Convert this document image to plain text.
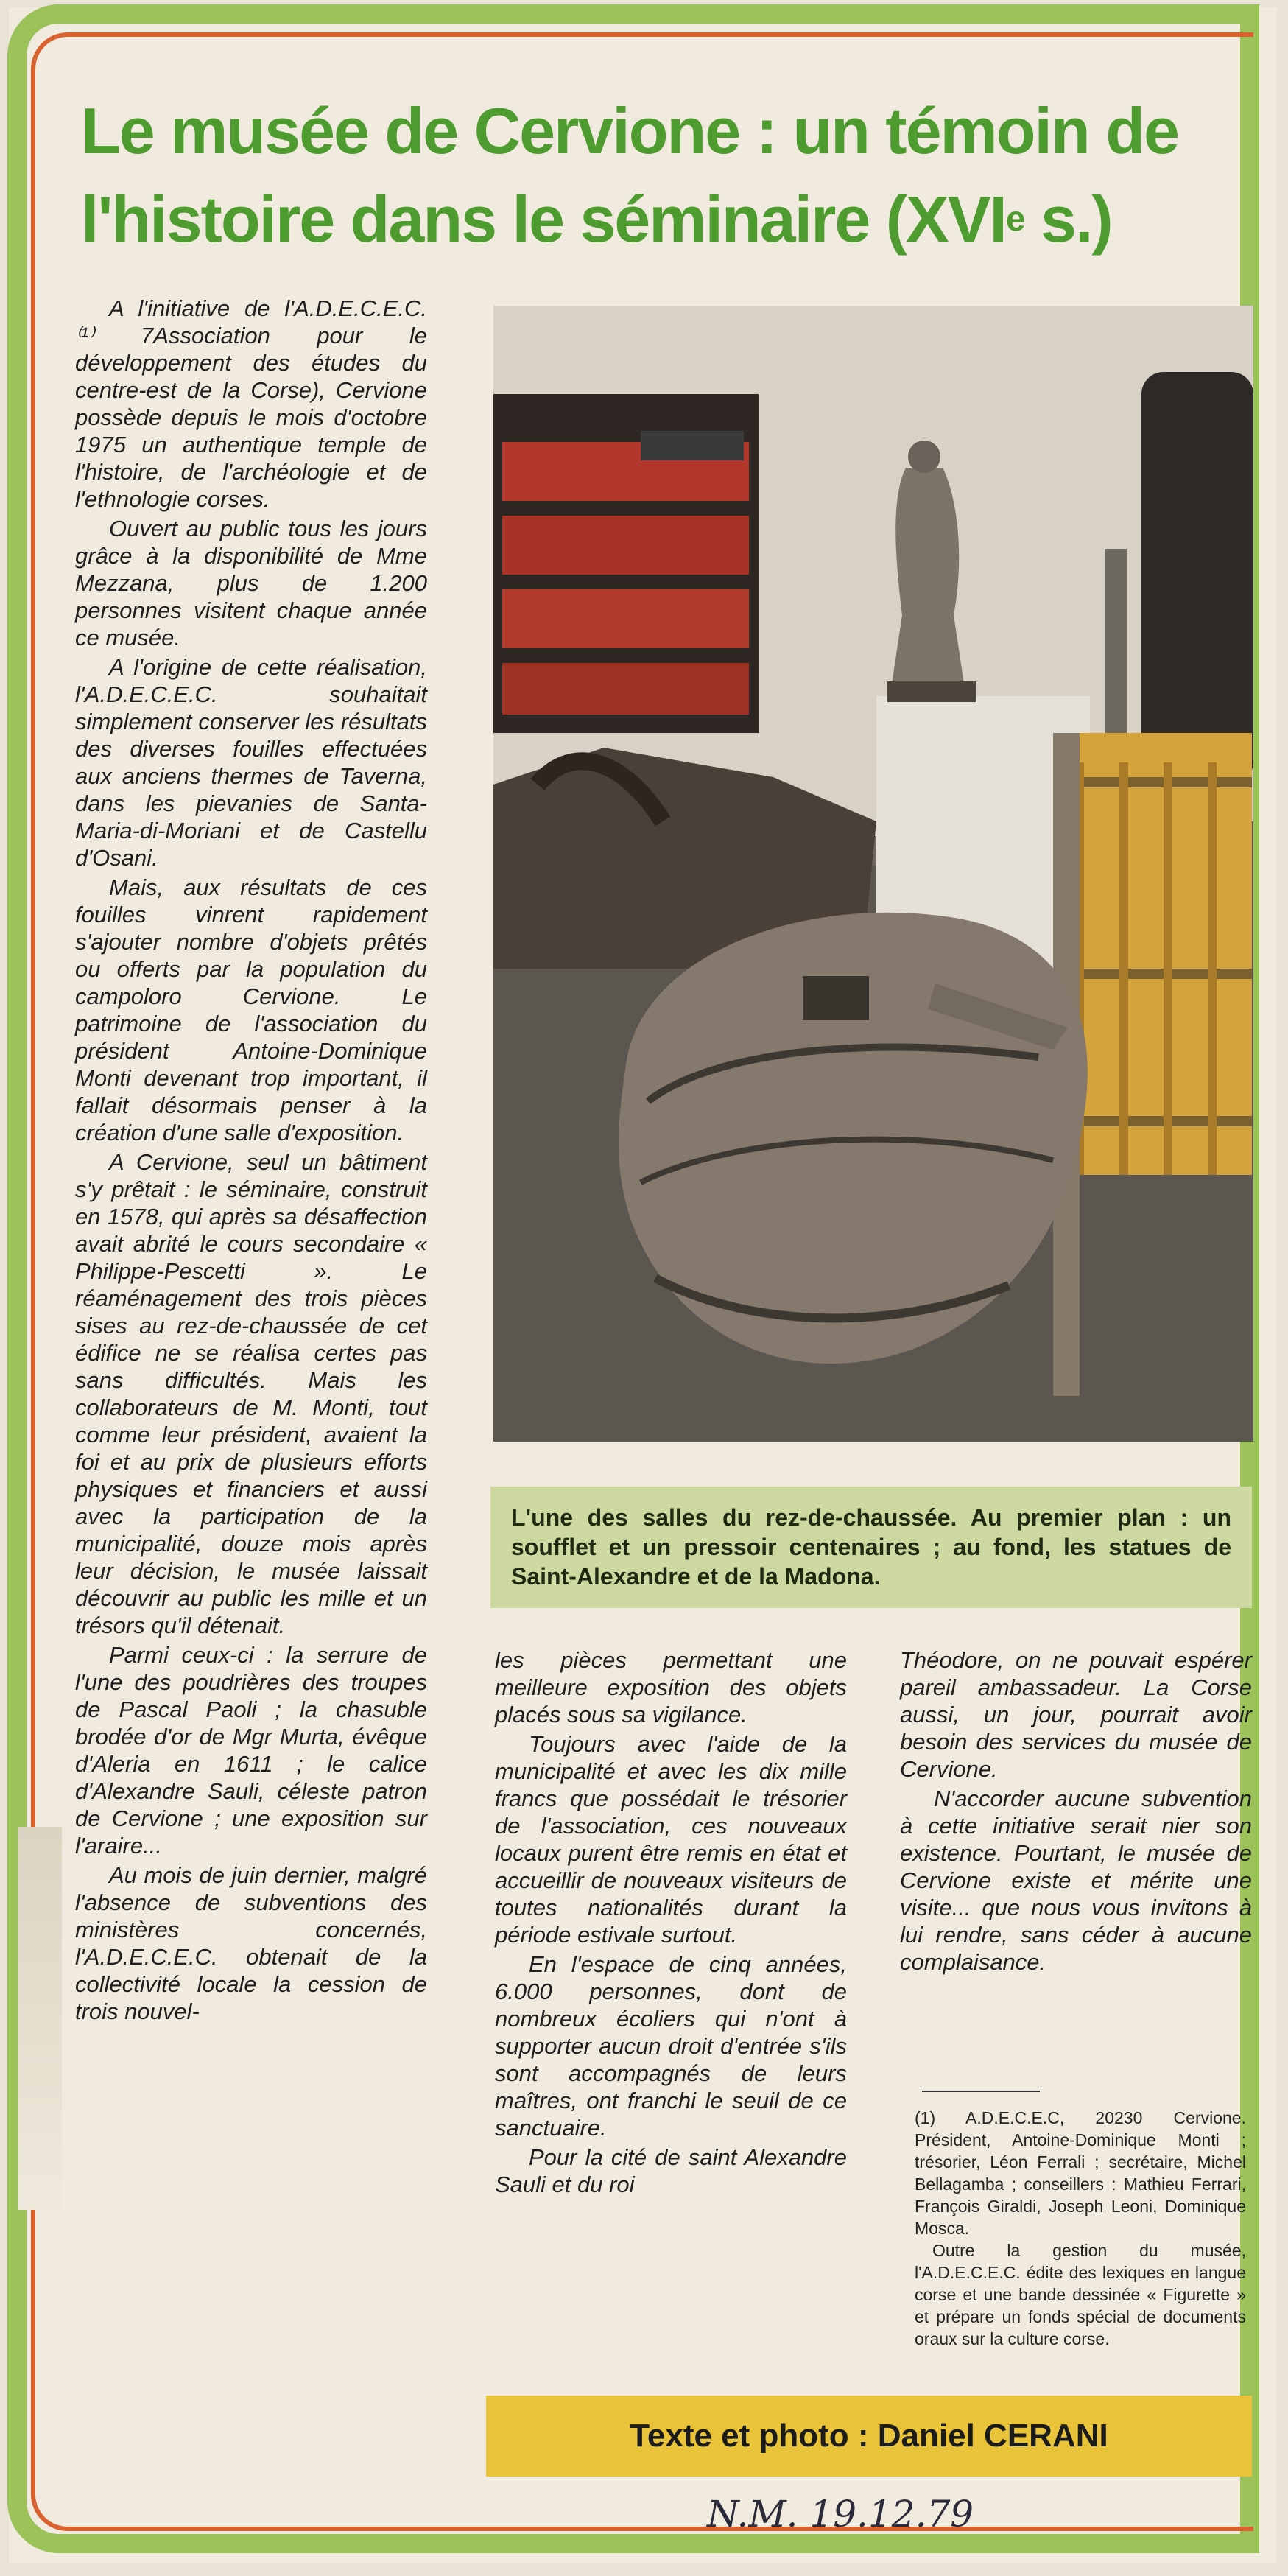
Le musée de Cervione : un témoin de l'histoire dans le séminaire (XVIe s.)

A l'initiative de l'A.D.E.C.E.C. ⁽¹⁾ 7Association pour le développement des études du centre-est de la Corse), Cervione possède depuis le mois d'octobre 1975 un authentique temple de l'histoire, de l'archéologie et de l'ethnologie corses.

Ouvert au public tous les jours grâce à la disponibilité de Mme Mezzana, plus de 1.200 personnes visitent chaque année ce musée.

A l'origine de cette réalisation, l'A.D.E.C.E.C. souhaitait simplement conserver les résultats des diverses fouilles effectuées aux anciens thermes de Taverna, dans les pievanies de Santa-Maria-di-Moriani et de Castellu d'Osani.

Mais, aux résultats de ces fouilles vinrent rapidement s'ajouter nombre d'objets prêtés ou offerts par la population du campoloro Cervione. Le patrimoine de l'association du président Antoine-Dominique Monti devenant trop important, il fallait désormais penser à la création d'une salle d'exposition.

A Cervione, seul un bâtiment s'y prêtait : le séminaire, construit en 1578, qui après sa désaffection avait abrité le cours secondaire « Philippe-Pescetti ». Le réaménagement des trois pièces sises au rez-de-chaussée de cet édifice ne se réalisa certes pas sans difficultés. Mais les collaborateurs de M. Monti, tout comme leur président, avaient la foi et au prix de plusieurs efforts physiques et financiers et aussi avec la participation de la municipalité, douze mois après leur décision, le musée laissait découvrir au public les mille et un trésors qu'il détenait.

Parmi ceux-ci : la serrure de l'une des poudrières des troupes de Pascal Paoli ; la chasuble brodée d'or de Mgr Murta, évêque d'Aleria en 1611 ; le calice d'Alexandre Sauli, céleste patron de Cervione ; une exposition sur l'araire...

Au mois de juin dernier, malgré l'absence de subventions des ministères concernés, l'A.D.E.C.E.C. obtenait de la collectivité locale la cession de trois nouvel-

L'une des salles du rez-de-chaussée. Au premier plan : un soufflet et un pressoir centenaires ; au fond, les statues de Saint-Alexandre et de la Madona.

les pièces permettant une meilleure exposition des objets placés sous sa vigilance.

Toujours avec l'aide de la municipalité et avec les dix mille francs que possédait le trésorier de l'association, ces nouveaux locaux purent être remis en état et accueillir de nouveaux visiteurs de toutes nationalités durant la période estivale surtout.

En l'espace de cinq années, 6.000 personnes, dont de nombreux écoliers qui n'ont à supporter aucun droit d'entrée s'ils sont accompagnés de leurs maîtres, ont franchi le seuil de ce sanctuaire.

Pour la cité de saint Alexandre Sauli et du roi

Théodore, on ne pouvait espérer pareil ambassadeur. La Corse aussi, un jour, pourrait avoir besoin des services du musée de Cervione.

N'accorder aucune subvention à cette initiative serait nier son existence. Pourtant, le musée de Cervione existe et mérite une visite... que nous vous invitons à lui rendre, sans céder à aucune complaisance.

(1) A.D.E.C.E.C, 20230 Cervione. Président, Antoine-Dominique Monti ; trésorier, Léon Ferrali ; secrétaire, Michel Bellagamba ; conseillers : Mathieu Ferrari, François Giraldi, Joseph Leoni, Dominique Mosca.

Outre la gestion du musée, l'A.D.E.C.E.C. édite des lexiques en langue corse et une bande dessinée « Figurette » et prépare un fonds spécial de documents oraux sur la culture corse.

Texte et photo : Daniel CERANI
N.M. 19.12.79
